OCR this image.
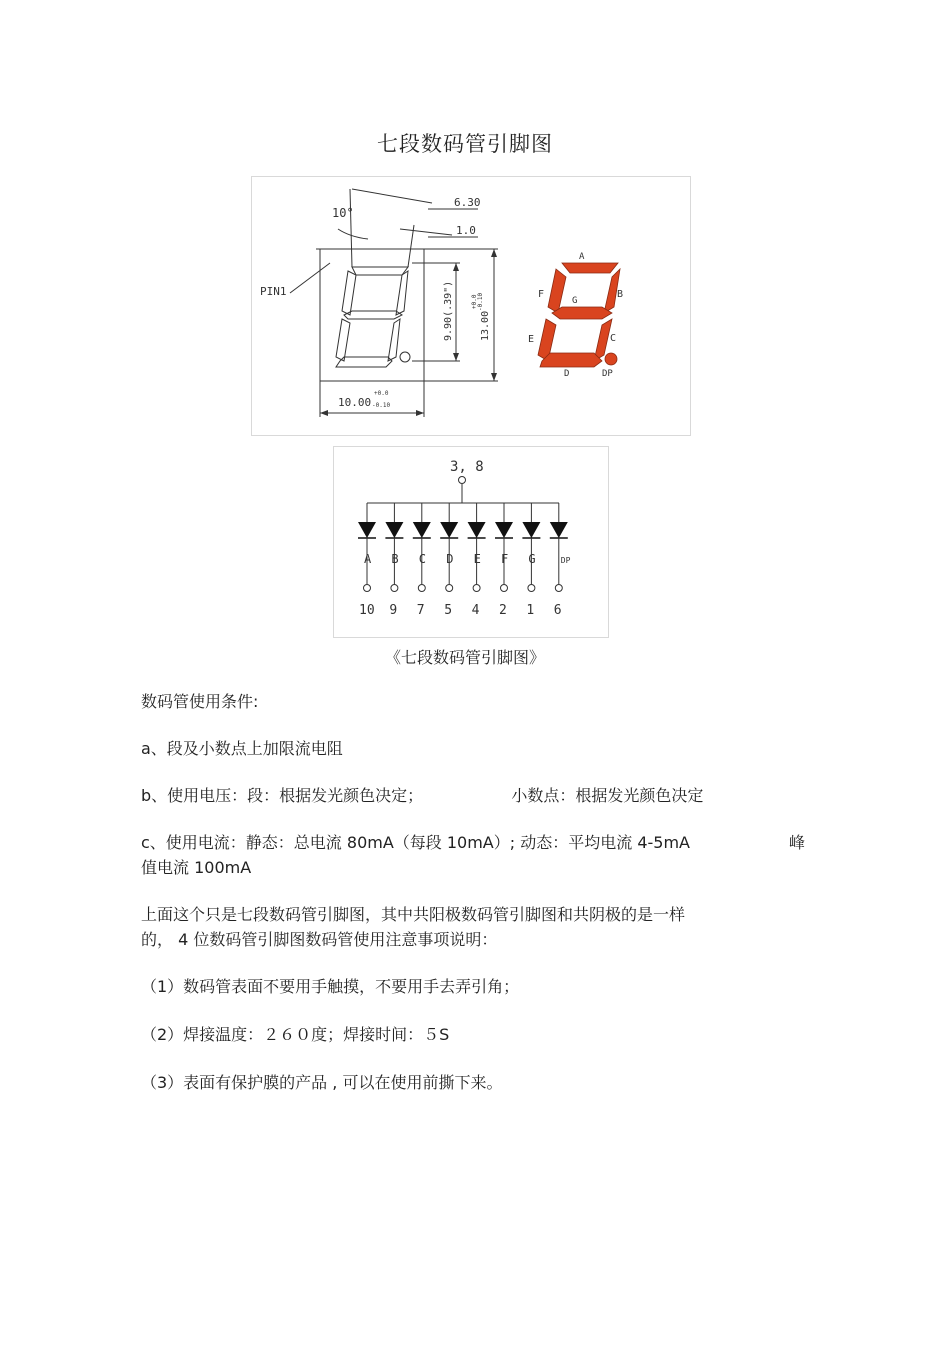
七段数码管引脚图
10°
6.30
1.0
PIN1	9.90(.39")	13.00
+0.0 -0.10
10.00
+0.0
-0.10
A
F	B
G
E	C
D	DP
3, 8
A
10
B
9
C
7
D
5
E
4
F
2
G
1
DP
6
《七段数码管引脚图》
数码管使用条件:
a、段及小数点上加限流电阻
b、使用电压：段：根据发光颜色决定；	小数点：根据发光颜色决定
c、使用电流：静态：总电流 80mA（每段 10mA）; 动态：平均电流 4-5mA	峰
值电流 100mA
上面这个只是七段数码管引脚图，其中共阳极数码管引脚图和共阴极的是一样
的， 4 位数码管引脚图数码管使用注意事项说明：
（1）数码管表面不要用手触摸，不要用手去弄引角；
（2）焊接温度：２６０度；焊接时间：５S
（3）表面有保护膜的产品 , 可以在使用前撕下来。
